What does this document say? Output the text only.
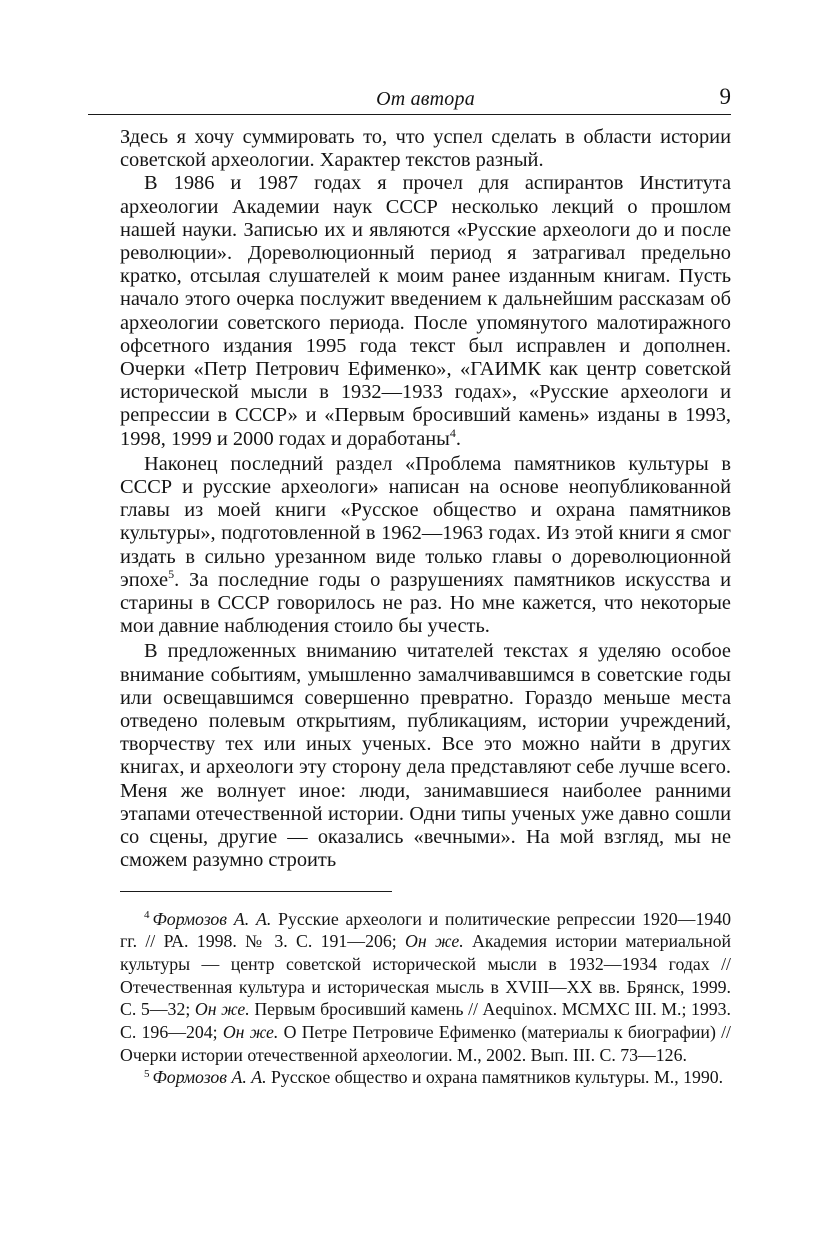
От автора	9

Здесь я хочу суммировать то, что успел сделать в области истории советской археологии. Характер текстов разный.

В 1986 и 1987 годах я прочел для аспирантов Института археологии Академии наук СССР несколько лекций о прошлом нашей науки. Записью их и являются «Русские археологи до и после революции». Дореволюционный период я затрагивал предельно кратко, отсылая слушателей к моим ранее изданным книгам. Пусть начало этого очерка послужит введением к дальнейшим рассказам об археологии советского периода. После упомянутого малотиражного офсетного издания 1995 года текст был исправлен и дополнен. Очерки «Петр Петрович Ефименко», «ГАИМК как центр советской исторической мысли в 1932—1933 годах», «Русские археологи и репрессии в СССР» и «Первым бросивший камень» изданы в 1993, 1998, 1999 и 2000 годах и доработаны$^4$.

Наконец последний раздел «Проблема памятников культуры в СССР и русские археологи» написан на основе неопубликованной главы из моей книги «Русское общество и охрана памятников культуры», подготовленной в 1962—1963 годах. Из этой книги я смог издать в сильно урезанном виде только главы о дореволюционной эпохе$^5$. За последние годы о разрушениях памятников искусства и старины в СССР говорилось не раз. Но мне кажется, что некоторые мои давние наблюдения стоило бы учесть.

В предложенных вниманию читателей текстах я уделяю особое внимание событиям, умышленно замалчивавшимся в советские годы или освещавшимся совершенно превратно. Гораздо меньше места отведено полевым открытиям, публикациям, истории учреждений, творчеству тех или иных ученых. Все это можно найти в других книгах, и археологи эту сторону дела представляют себе лучше всего. Меня же волнует иное: люди, занимавшиеся наиболее ранними этапами отечественной истории. Одни типы ученых уже давно сошли со сцены, другие — оказались «вечными». На мой взгляд, мы не сможем разумно строить

$^4$ Формозов А. А. Русские археологи и политические репрессии 1920—1940 гг. // РА. 1998. № 3. С. 191—206; Он же. Академия истории материальной культуры — центр советской исторической мысли в 1932—1934 годах // Отечественная культура и историческая мысль в XVIII—XX вв. Брянск, 1999. С. 5—32; Он же. Первым бросивший камень // Aequinox. MCMXC III. М.; 1993. С. 196—204; Он же. О Петре Петровиче Ефименко (материалы к биографии) // Очерки истории отечественной археологии. М., 2002. Вып. III. С. 73—126.

$^5$ Формозов А. А. Русское общество и охрана памятников культуры. М., 1990.
